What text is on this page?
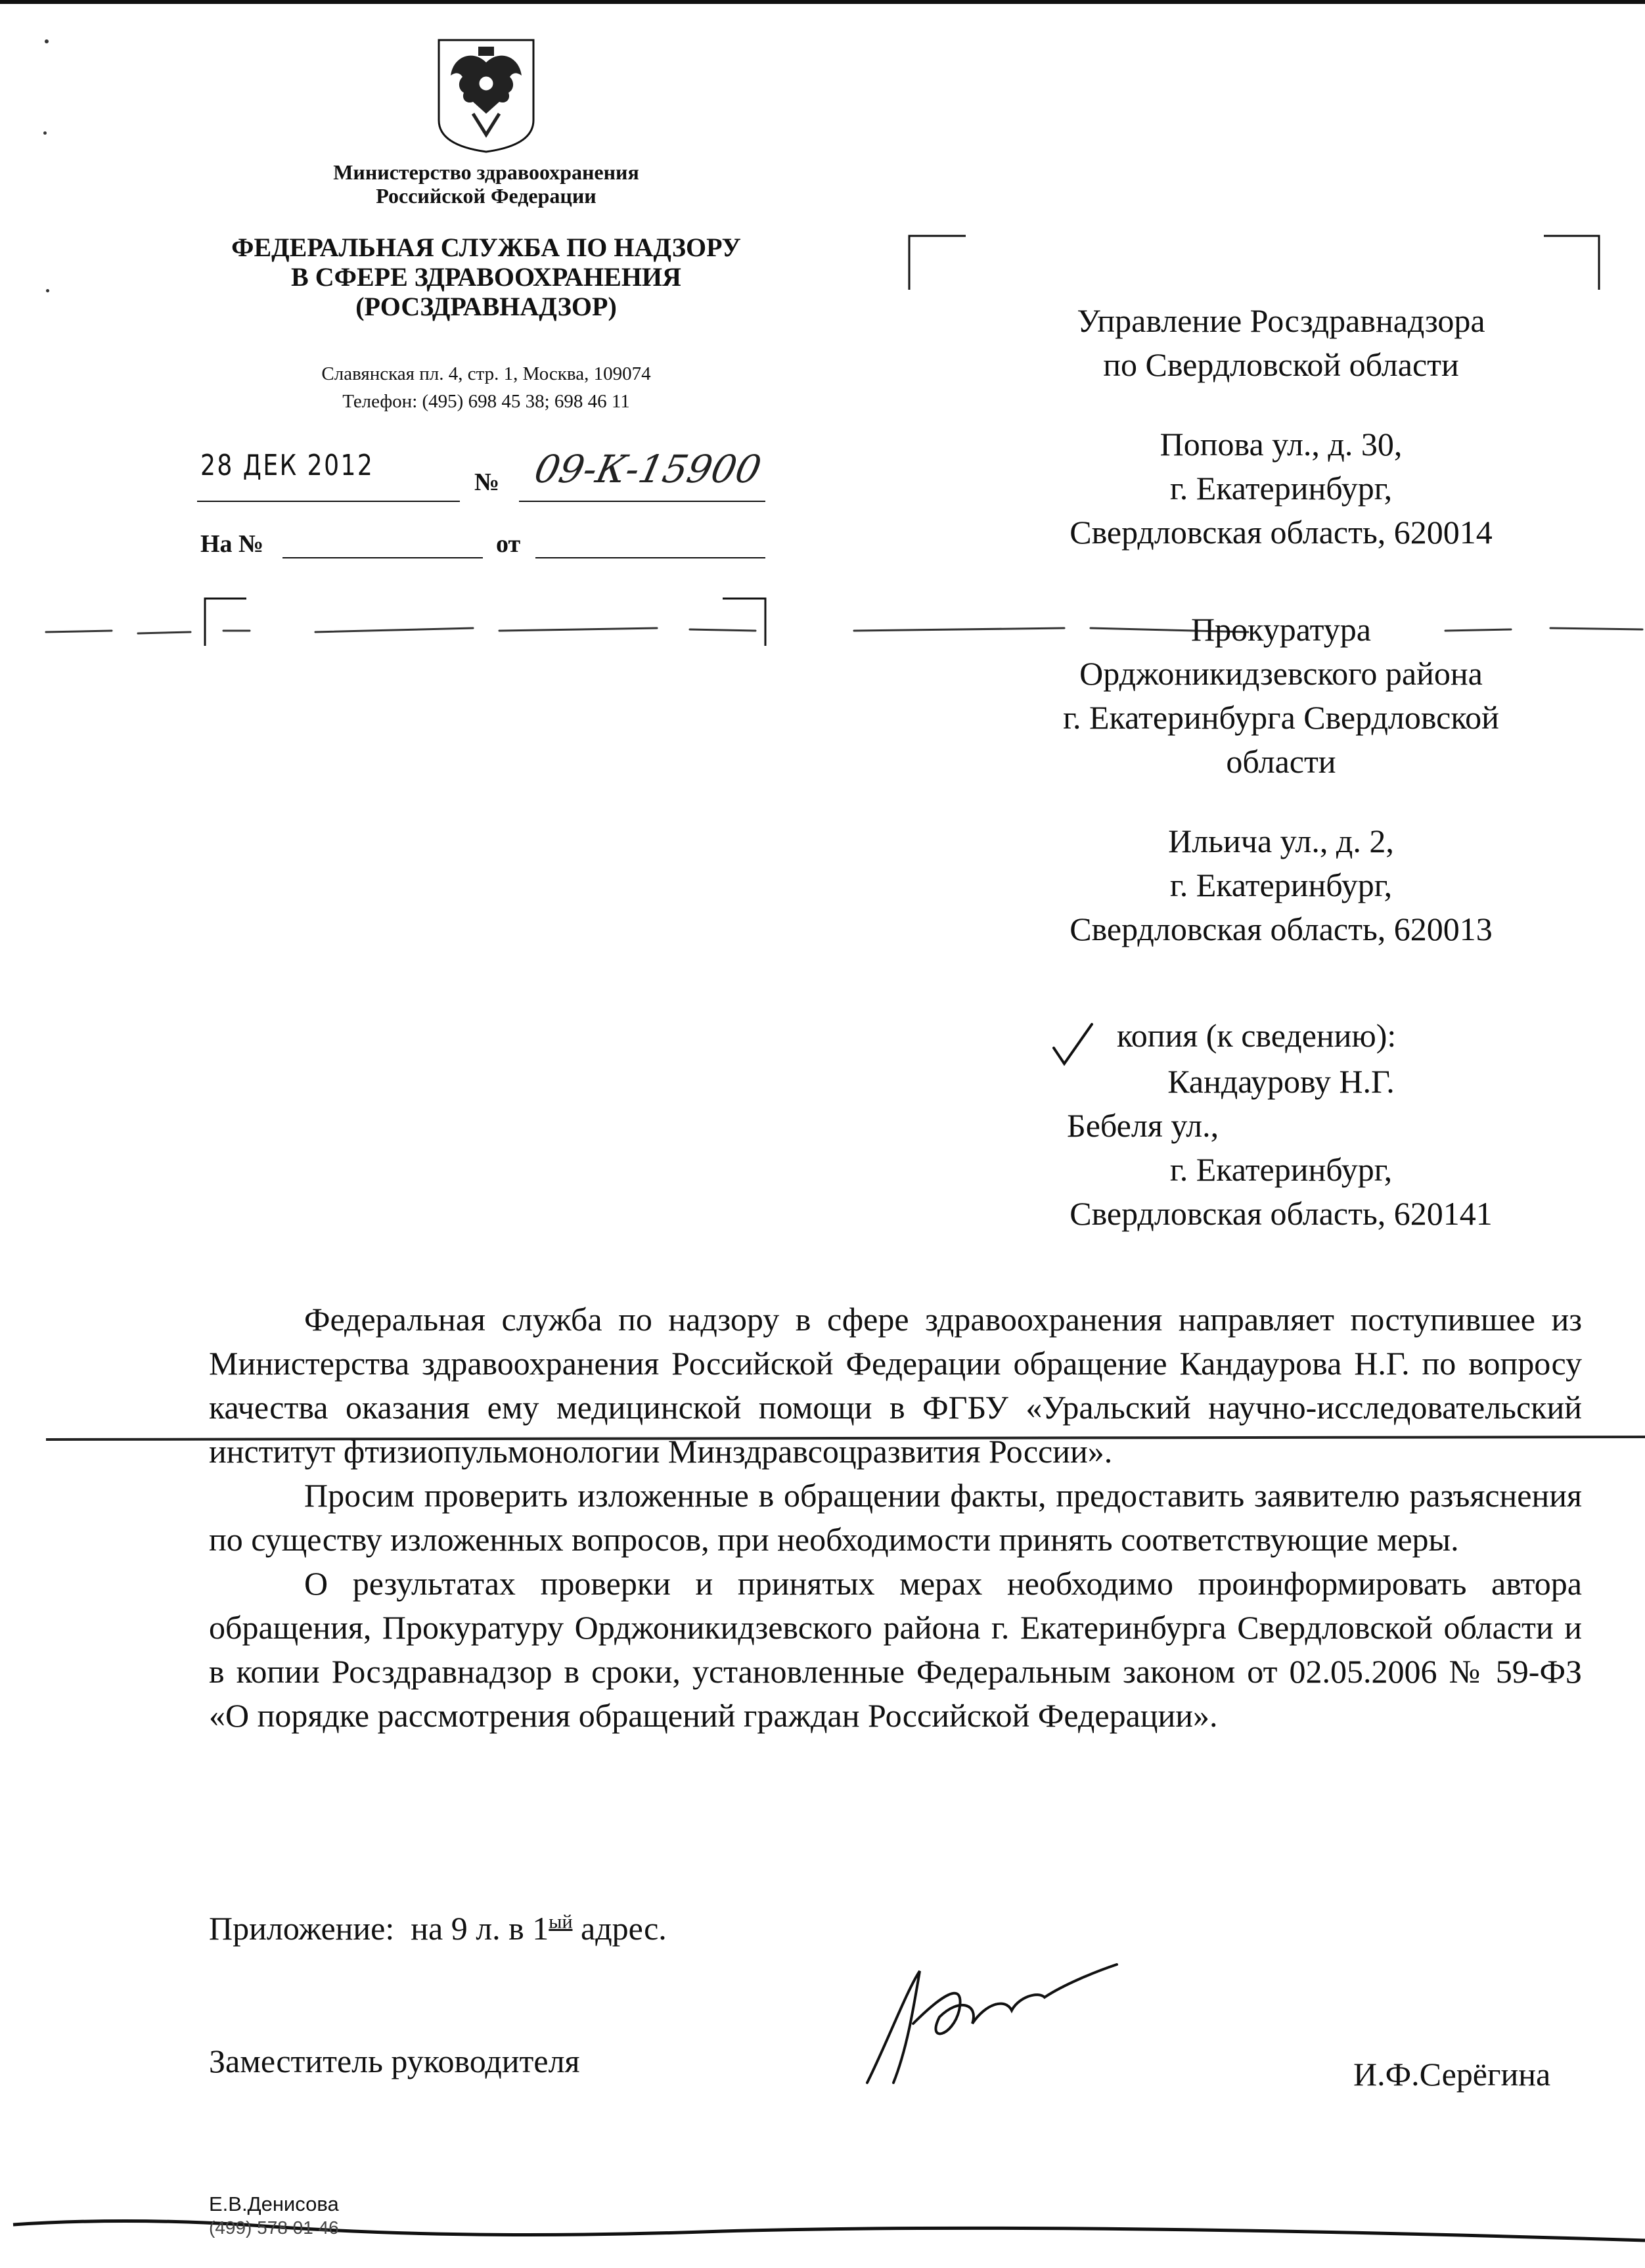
Министерство здравоохранения
Российской Федерации
ФЕДЕРАЛЬНАЯ СЛУЖБА ПО НАДЗОРУ
В СФЕРЕ ЗДРАВООХРАНЕНИЯ
(РОСЗДРАВНАДЗОР)
Славянская пл. 4, стр. 1, Москва, 109074
Телефон: (495) 698 45 38; 698 46 11
28 ДЕК 2012	№ 09-К-15900
На №	от
Управление Росздравнадзора
по Свердловской области
Попова ул., д. 30,
г. Екатеринбург,
Свердловская область, 620014
Прокуратура
Орджоникидзевского района
г. Екатеринбурга Свердловской
области
Ильича ул., д. 2,
г. Екатеринбург,
Свердловская область, 620013
копия (к сведению):
Кандаурову Н.Г.
Бебеля ул.,
г. Екатеринбург,
Свердловская область, 620141

Федеральная служба по надзору в сфере здравоохранения направляет поступившее из Министерства здравоохранения Российской Федерации обращение Кандаурова Н.Г. по вопросу качества оказания ему медицинской помощи в ФГБУ «Уральский научно-исследовательский институт фтизиопульмонологии Минздравсоцразвития России».

Просим проверить изложенные в обращении факты, предоставить заявителю разъяснения по существу изложенных вопросов, при необходимости принять соответствующие меры.

О результатах проверки и принятых мерах необходимо проинформировать автора обращения, Прокуратуру Орджоникидзевского района г. Екатеринбурга Свердловской области и в копии Росздравнадзор в сроки, установленные Федеральным законом от 02.05.2006 № 59-ФЗ «О порядке рассмотрения обращений граждан Российской Федерации».

Приложение: на 9 л. в $1^{ый}$ адрес.
Заместитель руководителя	И.Ф.Серёгина
Е.В.Денисова
(499) 578 01 46
